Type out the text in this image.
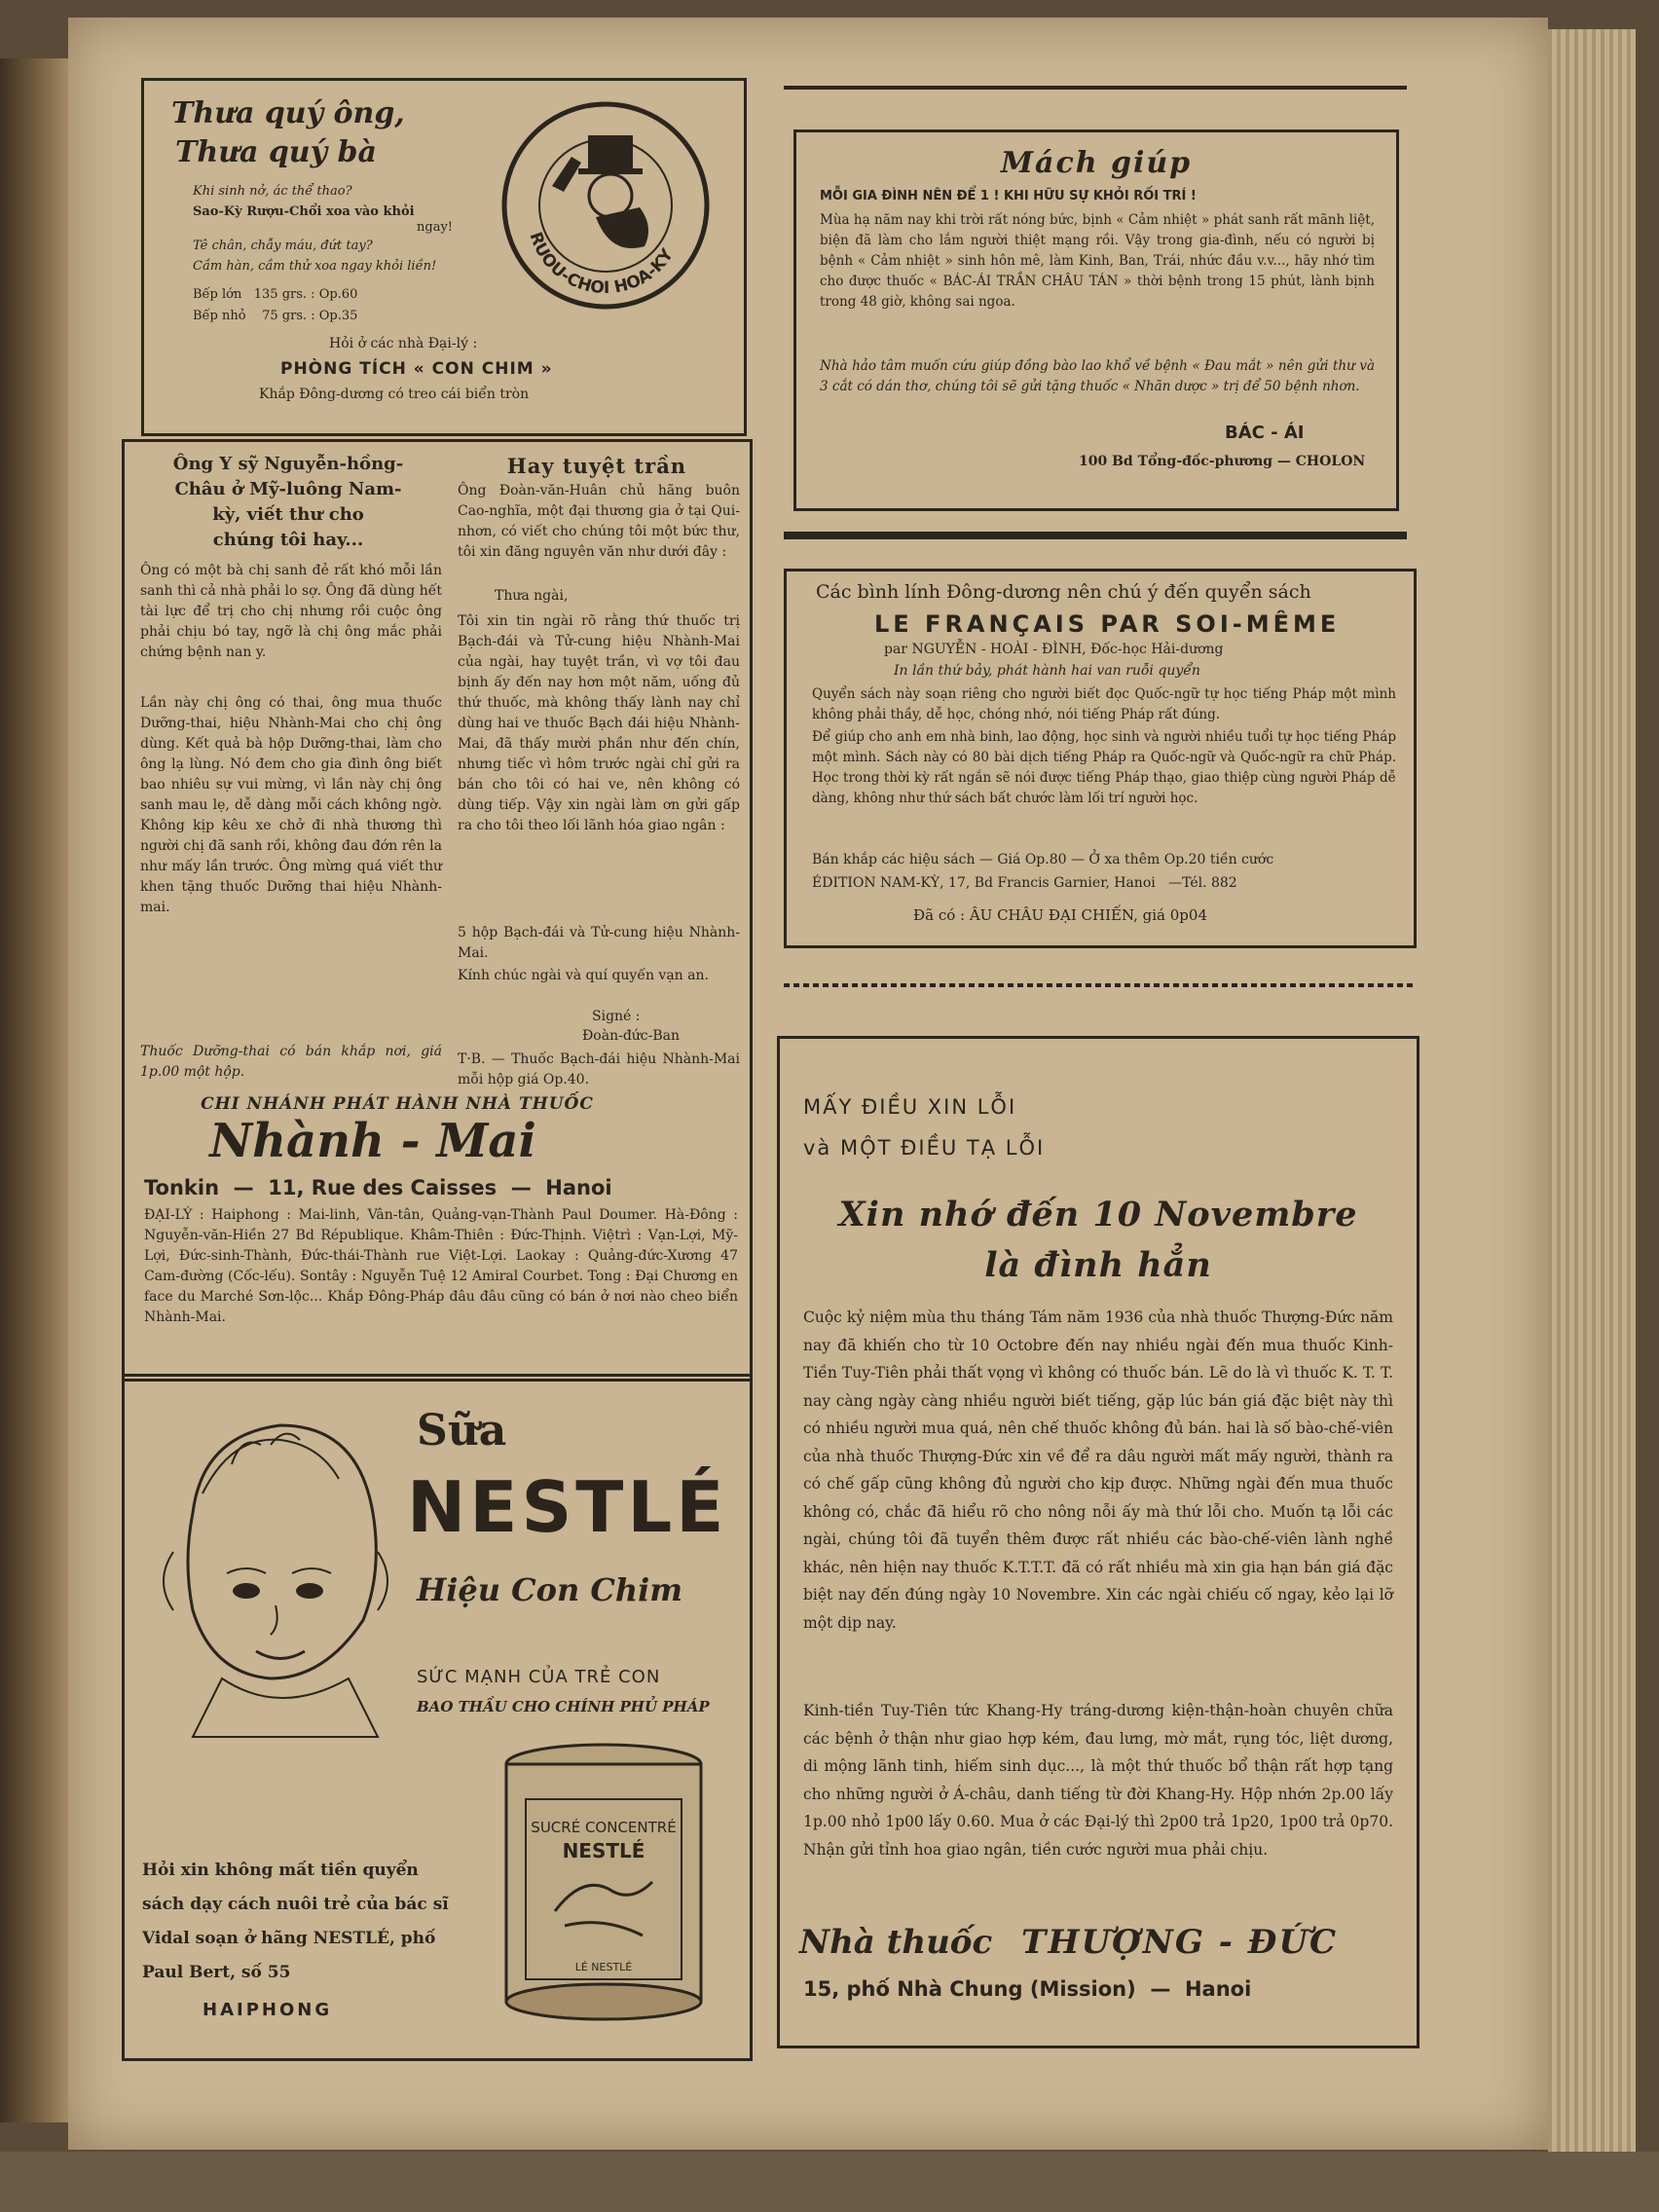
Thưa quý ông,
Thưa quý bà
Khi sinh nở, ác thể thao?
Sao-Kỳ Rượu-Chổi xoa vào khỏi
ngay!
Tê chân, chẫy máu, đứt tay?
Cầm hàn, cầm thử xoa ngay khỏi liền!
Bếp lớn   135 grs. : Op.60
Bếp nhỏ    75 grs. : Op.35
Hỏi ở các nhà Đại-lý :
PHÒNG TÍCH « CON CHIM »
Khắp Đông-dương có treo cái biển tròn
RUOU-CHOI HOA-KY
Mách giúp
MỖI GIA ĐÌNH NÊN ĐỂ 1 ! KHI HỮU SỰ KHỎI RỐI TRÍ !
Mùa hạ năm nay khi trời rất nóng bức, bịnh « Cảm nhiệt » phát sanh rất mãnh liệt, biện đã làm cho lắm người thiệt mạng rồi. Vậy trong gia-đình, nếu có người bị bệnh « Cảm nhiệt » sinh hôn mê, làm Kinh, Ban, Trái, nhức đầu v.v..., hãy nhớ tìm cho được thuốc « BÁC-ÁI TRẦN CHÂU TÁN » thời bệnh trong 15 phút, lành bịnh trong 48 giờ, không sai ngoa.
Nhà hảo tâm muốn cứu giúp đồng bào lao khổ về bệnh « Đau mắt » nên gửi thư và 3 cắt có dán thơ, chúng tôi sẽ gửi tặng thuốc « Nhãn dược » trị để 50 bệnh nhơn.
BÁC - ÁI
100 Bd Tổng-đốc-phương — CHOLON
Ông Y sỹ Nguyễn-hồng-
Châu ở Mỹ-luông Nam-
kỳ, viết thư cho
chúng tôi hay...
Ông có một bà chị sanh đẻ rất khó mỗi lần sanh thì cả nhà phải lo sợ. Ông đã dùng hết tài lực để trị cho chị nhưng rồi cuộc ông phải chịu bó tay, ngỡ là chị ông mắc phải chứng bệnh nan y.
Lần này chị ông có thai, ông mua thuốc Dưỡng-thai, hiệu Nhành-Mai cho chị ông dùng. Kết quả bà hộp Dưỡng-thai, làm cho ông lạ lùng. Nó đem cho gia đình ông biết bao nhiêu sự vui mừng, vì lần này chị ông sanh mau lẹ, dễ dàng mỗi cách không ngờ. Không kịp kêu xe chở đi nhà thương thì người chị đã sanh rồi, không đau đớn rên la như mấy lần trước. Ông mừng quá viết thư khen tặng thuốc Dưỡng thai hiệu Nhành-mai.
Thuốc Dưỡng-thai có bán khắp nơi, giá 1p.00 một hộp.
Hay tuyệt trần
Ông Đoàn-văn-Huân chủ hãng buôn Cao-nghĩa, một đại thương gia ở tại Qui-nhơn, có viết cho chúng tôi một bức thư, tôi xin đăng nguyên văn như dưới đây :
Thưa ngài,
Tôi xin tin ngài rõ rằng thứ thuốc trị Bạch-đái và Tử-cung hiệu Nhành-Mai của ngài, hay tuyệt trần, vì vợ tôi đau bịnh ấy đến nay hơn một năm, uống đủ thứ thuốc, mà không thấy lành nay chỉ dùng hai ve thuốc Bạch đái hiệu Nhành-Mai, đã thấy mười phần như đến chín, nhưng tiếc vì hôm trước ngài chỉ gửi ra bán cho tôi có hai ve, nên không có dùng tiếp. Vậy xin ngài làm ơn gửi gấp ra cho tôi theo lối lãnh hóa giao ngân :
5 hộp Bạch-đái và Tử-cung hiệu Nhành-Mai.
Kính chúc ngài và quí quyến vạn an.
Signé :
Đoàn-đức-Ban
T·B. — Thuốc Bạch-đái hiệu Nhành-Mai mỗi hộp giá Op.40.
CHI NHÁNH PHÁT HÀNH NHÀ THUỐC
Nhành - Mai
Tonkin  —  11, Rue des Caisses  —  Hanoi
ĐẠI-LÝ : Haiphong : Mai-linh, Vân-tân, Quảng-vạn-Thành Paul Doumer. Hà-Đông : Nguyễn-văn-Hiền 27 Bd République. Khâm-Thiên : Đức-Thịnh. Việtrì : Vạn-Lợi, Mỹ-Lợi, Đức-sinh-Thành, Đức-thái-Thành rue Việt-Lợi. Laokay : Quảng-đức-Xương 47 Cam-đường (Cốc-lếu). Sontây : Nguyễn Tuệ 12 Amiral Courbet. Tong : Đại Chương en face du Marché Sơn-lộc... Khắp Đông-Pháp đâu đâu cũng có bán ở nơi nào cheo biển Nhành-Mai.
Các bình lính Đông-dương nên chú ý đến quyển sách
LE FRANÇAIS PAR SOI-MÊME
par NGUYỄN - HOÀI - ĐÌNH, Đốc-học Hải-dương
In lần thứ bảy, phát hành hai van ruỗi quyển
Quyển sách này soạn riêng cho người biết đọc Quốc-ngữ tự học tiếng Pháp một mình không phải thầy, dễ học, chóng nhớ, nói tiếng Pháp rất đúng.
Để giúp cho anh em nhà binh, lao động, học sinh và người nhiều tuổi tự học tiếng Pháp một mình. Sách này có 80 bài dịch tiếng Pháp ra Quốc-ngữ và Quốc-ngữ ra chữ Pháp. Học trong thời kỳ rất ngắn sẽ nói được tiếng Pháp thạo, giao thiệp cùng người Pháp dễ dàng, không như thứ sách bất chước làm lối trí người học.
Bán khắp các hiệu sách — Giá Op.80 — Ở xa thêm Op.20 tiền cước
ÉDITION NAM-KỲ, 17, Bd Francis Garnier, Hanoi   —Tél. 882
Đã có : ÂU CHÂU ĐẠI CHIẾN, giá 0p04
Sữa
NESTLÉ
Hiệu Con Chim
SỨC MẠNH CỦA TRẺ CON
BAO THẦU CHO CHÍNH PHỦ PHÁP
Hỏi xin không mất tiền quyển sách dạy cách nuôi trẻ của bác sĩ Vidal soạn ở hãng NESTLÉ, phố Paul Bert, số 55
HAIPHONG
SUCRÉ CONCENTRÉ
NESTLÉ
LÉ NESTLÉ
MẤY ĐIỀU XIN LỖI
và MỘT ĐIỀU TẠ LỖI
Xin nhớ đến 10 Novembre
là đình hẳn
Cuộc kỷ niệm mùa thu tháng Tám năm 1936 của nhà thuốc Thượng-Đức năm nay đã khiến cho từ 10 Octobre đến nay nhiều ngài đến mua thuốc Kinh-Tiền Tuy-Tiên phải thất vọng vì không có thuốc bán. Lẽ do là vì thuốc K. T. T. nay càng ngày càng nhiều người biết tiếng, gặp lúc bán giá đặc biệt này thì có nhiều người mua quá, nên chế thuốc không đủ bán. hai là số bào-chế-viên của nhà thuốc Thượng-Đức xin về để ra dâu người mất mấy người, thành ra có chế gấp cũng không đủ người cho kịp được. Những ngài đến mua thuốc không có, chắc đã hiểu rõ cho nông nỗi ấy mà thứ lỗi cho. Muốn tạ lỗi các ngài, chúng tôi đã tuyển thêm được rất nhiều các bào-chế-viên lành nghề khác, nên hiện nay thuốc K.T.T.T. đã có rất nhiều mà xin gia hạn bán giá đặc biệt nay đến đúng ngày 10 Novembre. Xin các ngài chiếu cố ngay, kẻo lại lỡ một dịp nay.
Kinh-tiền Tuy-Tiên tức Khang-Hy tráng-dương kiện-thận-hoàn chuyên chữa các bệnh ở thận như giao hợp kém, đau lưng, mờ mắt, rụng tóc, liệt dương, di mộng lãnh tinh, hiếm sinh dục..., là một thứ thuốc bổ thận rất hợp tạng cho những người ở Á-châu, danh tiếng từ đời Khang-Hy. Hộp nhớn 2p.00 lấy 1p.00 nhỏ 1p00 lấy 0.60. Mua ở các Đại-lý thì 2p00 trả 1p20, 1p00 trả 0p70. Nhận gửi tỉnh hoa giao ngân, tiền cước người mua phải chịu.
Nhà thuốc THƯỢNG - ĐỨC
15, phố Nhà Chung (Mission)  —  Hanoi
